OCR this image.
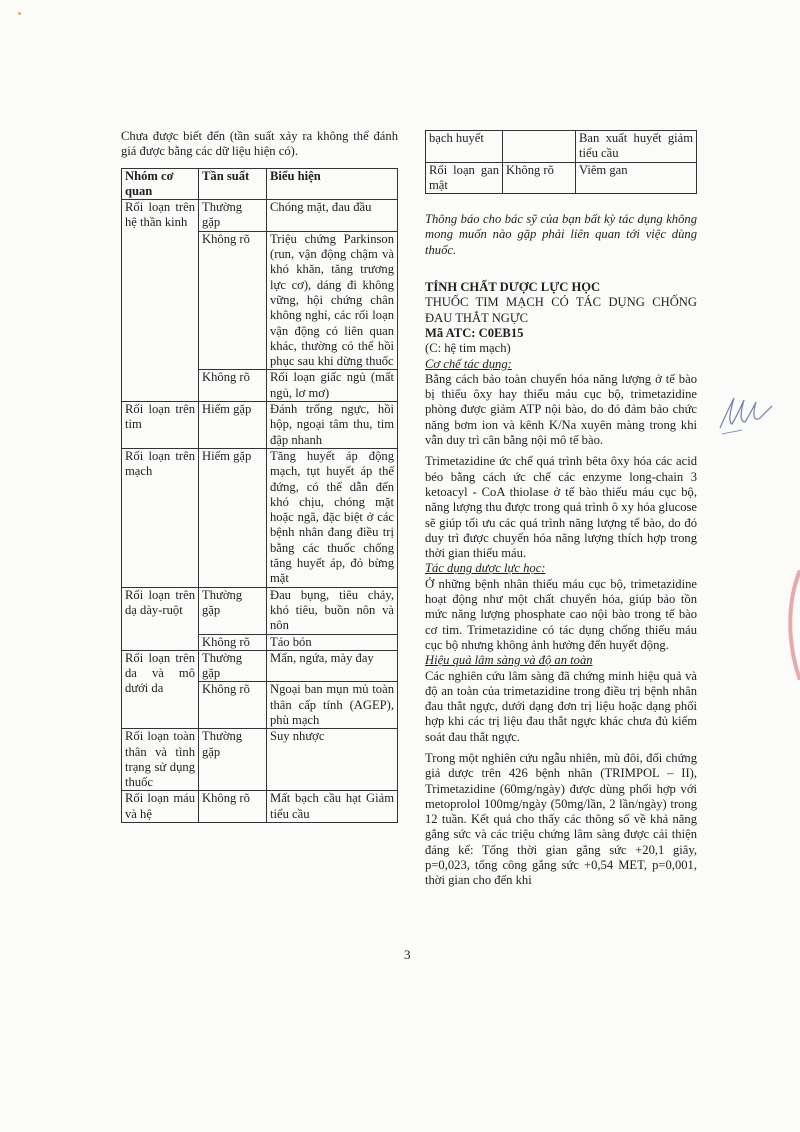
Chưa được biết đến (tần suất xảy ra không thể đánh giá được bằng các dữ liệu hiện có).

Nhóm cơ quan	Tần suất	Biểu hiện
Rối loạn trên hệ thần kinh	Thường gặp	Chóng mặt, đau đầu
	Không rõ	Triệu chứng Parkinson (run, vận động chậm và khó khăn, tăng trương lực cơ), dáng đi không vững, hội chứng chân không nghỉ, các rối loạn vận động có liên quan khác, thường có thể hồi phục sau khi dừng thuốc
	Không rõ	Rối loạn giấc ngủ (mất ngủ, lơ mơ)
Rối loạn trên tim	Hiếm gặp	Đánh trống ngực, hồi hộp, ngoại tâm thu, tim đập nhanh
Rối loạn trên mạch	Hiếm gặp	Tăng huyết áp động mạch, tụt huyết áp thế đứng, có thể dẫn đến khó chịu, chóng mặt hoặc ngã, đặc biệt ở các bệnh nhân đang điều trị bằng các thuốc chống tăng huyết áp, đỏ bừng mặt
Rối loạn trên dạ dày-ruột	Thường gặp	Đau bụng, tiêu chảy, khó tiêu, buồn nôn và nôn
	Không rõ	Táo bón
Rối loạn trên da và mô dưới da	Thường gặp	Mẩn, ngứa, mày đay
	Không rõ	Ngoại ban mụn mủ toàn thân cấp tính (AGEP), phù mạch
Rối loạn toàn thân và tình trạng sử dụng thuốc	Thường gặp	Suy nhược
Rối loạn máu và hệ	Không rõ	Mất bạch cầu hạt Giảm tiểu cầu
bạch huyết		Ban xuất huyết giảm tiểu cầu
Rối loạn gan mật	Không rõ	Viêm gan

Thông báo cho bác sỹ của bạn bất kỳ tác dụng không mong muốn nào gặp phải liên quan tới việc dùng thuốc.

TÍNH CHẤT DƯỢC LỰC HỌC

THUỐC TIM MẠCH CÓ TÁC DỤNG CHỐNG ĐAU THẮT NGỰC

Mã ATC: C0EB15

(C: hệ tim mạch)

Cơ chế tác dụng:

Bằng cách bảo toàn chuyển hóa năng lượng ở tế bào bị thiếu ôxy hay thiếu máu cục bộ, trimetazidine phòng được giảm ATP nội bào, do đó đảm bảo chức năng bơm ion và kênh K/Na xuyên màng trong khi vẫn duy trì cân bằng nội mô tế bào.

Trimetazidine ức chế quá trình bêta ôxy hóa các acid béo bằng cách ức chế các enzyme long-chain 3 ketoacyl - CoA thiolase ở tế bào thiếu máu cục bộ, năng lượng thu được trong quá trình ô xy hóa glucose sẽ giúp tối ưu các quá trình năng lượng tế bào, do đó duy trì được chuyển hóa năng lượng thích hợp trong thời gian thiếu máu.

Tác dụng dược lực học:

Ở những bệnh nhân thiếu máu cục bộ, trimetazidine hoạt động như một chất chuyển hóa, giúp bảo tồn mức năng lượng phosphate cao nội bào trong tế bào cơ tim. Trimetazidine có tác dụng chống thiếu máu cục bộ nhưng không ảnh hưởng đến huyết động.

Hiệu quả lâm sàng và độ an toàn

Các nghiên cứu lâm sàng đã chứng minh hiệu quả và độ an toàn của trimetazidine trong điều trị bệnh nhân đau thắt ngực, dưới dạng đơn trị liệu hoặc dạng phối hợp khi các trị liệu đau thắt ngực khác chưa đủ kiểm soát đau thắt ngực.

Trong một nghiên cứu ngẫu nhiên, mù đôi, đối chứng giả dược trên 426 bệnh nhân (TRIMPOL – II), Trimetazidine (60mg/ngày) được dùng phối hợp với metoprolol 100mg/ngày (50mg/lần, 2 lần/ngày) trong 12 tuần. Kết quả cho thấy các thông số về khả năng gắng sức và các triệu chứng lâm sàng được cải thiện đáng kể: Tổng thời gian gắng sức +20,1 giây, p=0,023, tổng công gắng sức +0,54 MET, p=0,001, thời gian cho đến khi

3
